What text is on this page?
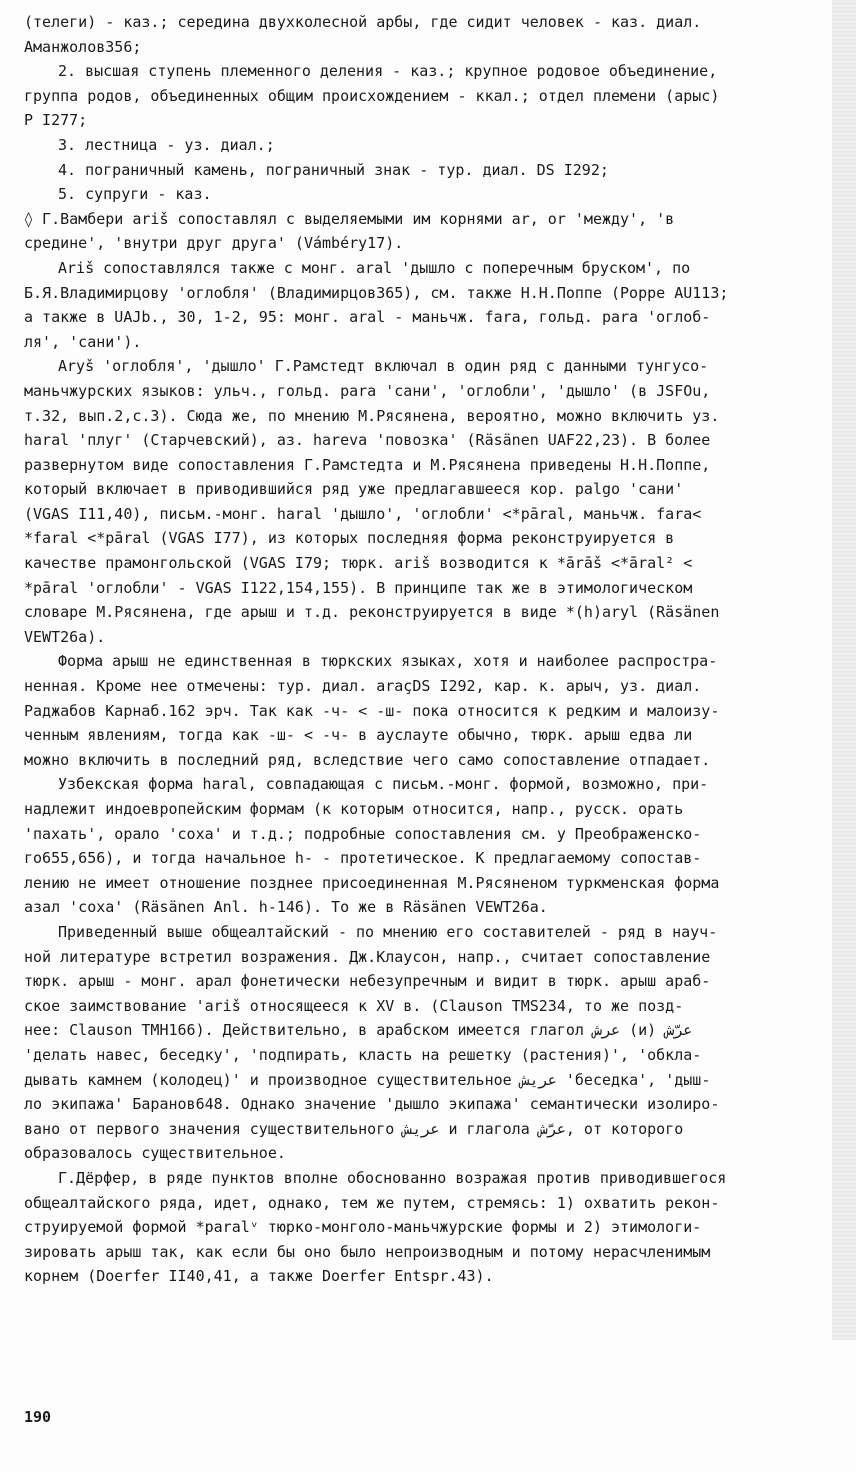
(телеги) - каз.; середина двухколесной арбы, где сидит человек - каз. диал.
Аманжолов356;
2. высшая ступень племенного деления - каз.; крупное родовое объединение,
группа родов, объединенных общим происхождением - ккал.; отдел племени (арыс)
Р I277;
3. лестница - уз. диал.;
4. пограничный камень, пограничный знак - тур. диал. DS I292;
5. супруги - каз.
◊ Г.Вамбери ariš сопоставлял с выделяемыми им корнями ar, or 'между', 'в
средине', 'внутри друг друга' (Vámbéry17).
Ariš сопоставлялся также с монг. aral 'дышло с поперечным бруском', по
Б.Я.Владимирцову 'оглобля' (Владимирцов365), см. также Н.Н.Поппе (Poppe AU113;
а также в UAJb., 30, 1-2, 95: монг. aral - маньчж. fara, гольд. para 'оглоб-
ля', 'сани').
Aryš 'оглобля', 'дышло' Г.Рамстедт включал в один ряд с данными тунгусо-
маньчжурских языков: ульч., гольд. para 'сани', 'оглобли', 'дышло' (в JSFOu,
т.32, вып.2,с.3). Сюда же, по мнению М.Рясянена, вероятно, можно включить уз.
haral 'плуг' (Старчевский), аз. hareva 'повозка' (Räsänen UAF22,23). В более
развернутом виде сопоставления Г.Рамстедта и М.Рясянена приведены Н.Н.Поппе,
который включает в приводившийся ряд уже предлагавшееся кор. palgo 'сани'
(VGAS I11,40), письм.-монг. haral 'дышло', 'оглобли' <*pāral, маньчж. fara<
*faral <*pāral (VGAS I77), из которых последняя форма реконструируется в
качестве прамонгольской (VGAS I79; тюрк. ariš возводится к *ārāš <*āral² <
*pāral 'оглобли' - VGAS I122,154,155). В принципе так же в этимологическом
словаре М.Рясянена, где арыш и т.д. реконструируется в виде *(h)aryl (Räsänen
VEWT26a).
Форма арыш не единственная в тюркских языках, хотя и наиболее распростра-
ненная. Кроме нее отмечены: тур. диал. araçDS I292, кар. к. арыч, уз. диал.
Раджабов Карнаб.162 эрч. Так как -ч- < -ш- пока относится к редким и малоизу-
ченным явлениям, тогда как -ш- < -ч- в ауслауте обычно, тюрк. арыш едва ли
можно включить в последний ряд, вследствие чего само сопоставление отпадает.
Узбекская форма haral, совпадающая с письм.-монг. формой, возможно, при-
надлежит индоевропейским формам (к которым относится, напр., русск. орать
'пахать', орало 'соха' и т.д.; подробные сопоставления см. у Преображенско-
го655,656), и тогда начальное h- - протетическое. К предлагаемому сопостав-
лению не имеет отношение позднее присоединенная М.Рясяненом туркменская форма
азал 'соха' (Räsänen Anl. h-146). То же в Räsänen VEWT26a.
Приведенный выше общеалтайский - по мнению его составителей - ряд в науч-
ной литературе встретил возражения. Дж.Клаусон, напр., считает сопоставление
тюрк. арыш - монг. арал фонетически небезупречным и видит в тюрк. арыш араб-
ское заимствование 'ariš относящееся к XV в. (Clauson TMS234, то же позд-
нее: Clauson TMH166). Действительно, в арабском имеется глагол عرش (и) عرّش
'делать навес, беседку', 'подпирать, класть на решетку (растения)', 'обкла-
дывать камнем (колодец)' и производное существительное عريش 'беседка', 'дыш-
ло экипажа' Баранов648. Однако значение 'дышло экипажа' семантически изолиро-
вано от первого значения существительного عريش и глагола عرّش, от которого
образовалось существительное.
Г.Дёрфер, в ряде пунктов вполне обоснованно возражая против приводившегося
общеалтайского ряда, идет, однако, тем же путем, стремясь: 1) охватить рекон-
струируемой формой *paralᵛ тюрко-монголо-маньчжурские формы и 2) этимологи-
зировать арыш так, как если бы оно было непроизводным и потому нерасчленимым
корнем (Doerfer II40,41, а также Doerfer Entspr.43).
190
